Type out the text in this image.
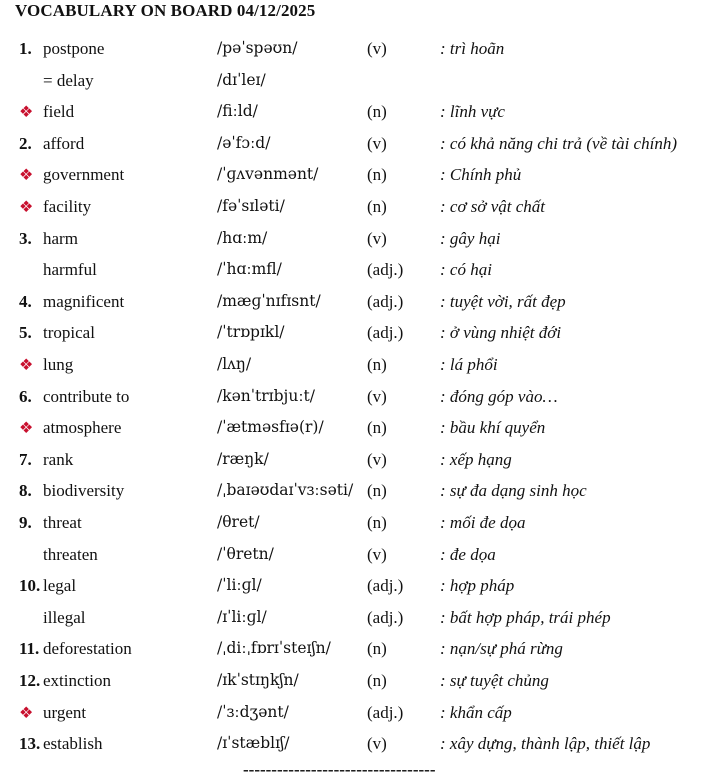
VOCABULARY ON BOARD 04/12/2025
1. postpone	/pəˈspəʊn/	(v)	: trì hoãn
= delay	/dɪˈleɪ/
❖ field	/fiːld/	(n)	: lĩnh vực
2. afford	/əˈfɔːd/	(v)	: có khả năng chi trả (về tài chính)
❖ government	/ˈɡʌvənmənt/	(n)	: Chính phủ
❖ facility	/fəˈsɪləti/	(n)	: cơ sở vật chất
3. harm	/hɑːm/	(v)	: gây hại
harmful	/ˈhɑːmfl/	(adj.) : có hại
4. magnificent	/mæɡˈnɪfɪsnt/	(adj.) : tuyệt vời, rất đẹp
5. tropical	/ˈtrɒpɪkl/	(adj.) : ở vùng nhiệt đới
❖ lung	/lʌŋ/	(n)	: lá phổi
6. contribute to	/kənˈtrɪbjuːt/	(v)	: đóng góp vào…
❖ atmosphere	/ˈætməsfɪə(r)/	(n)	: bầu khí quyển
7. rank	/ræŋk/	(v)	: xếp hạng
8. biodiversity	/ˌbaɪəʊdaɪˈvɜːsəti/ (n)	: sự đa dạng sinh học
9. threat	/θret/	(n)	: mối đe dọa
threaten	/ˈθretn/	(v)	: đe dọa
10. legal	/ˈliːɡl/	(adj.) : hợp pháp
illegal	/ɪˈliːɡl/	(adj.) : bất hợp pháp, trái phép
11. deforestation	/ˌdiːˌfɒrɪˈsteɪʃn/ (n)	: nạn/sự phá rừng
12. extinction	/ɪkˈstɪŋkʃn/	(n)	: sự tuyệt chủng
❖ urgent	/ˈɜːdʒənt/	(adj.) : khẩn cấp
13. establish	/ɪˈstæblɪʃ/	(v)	: xây dựng, thành lập, thiết lập
----------------------------------
